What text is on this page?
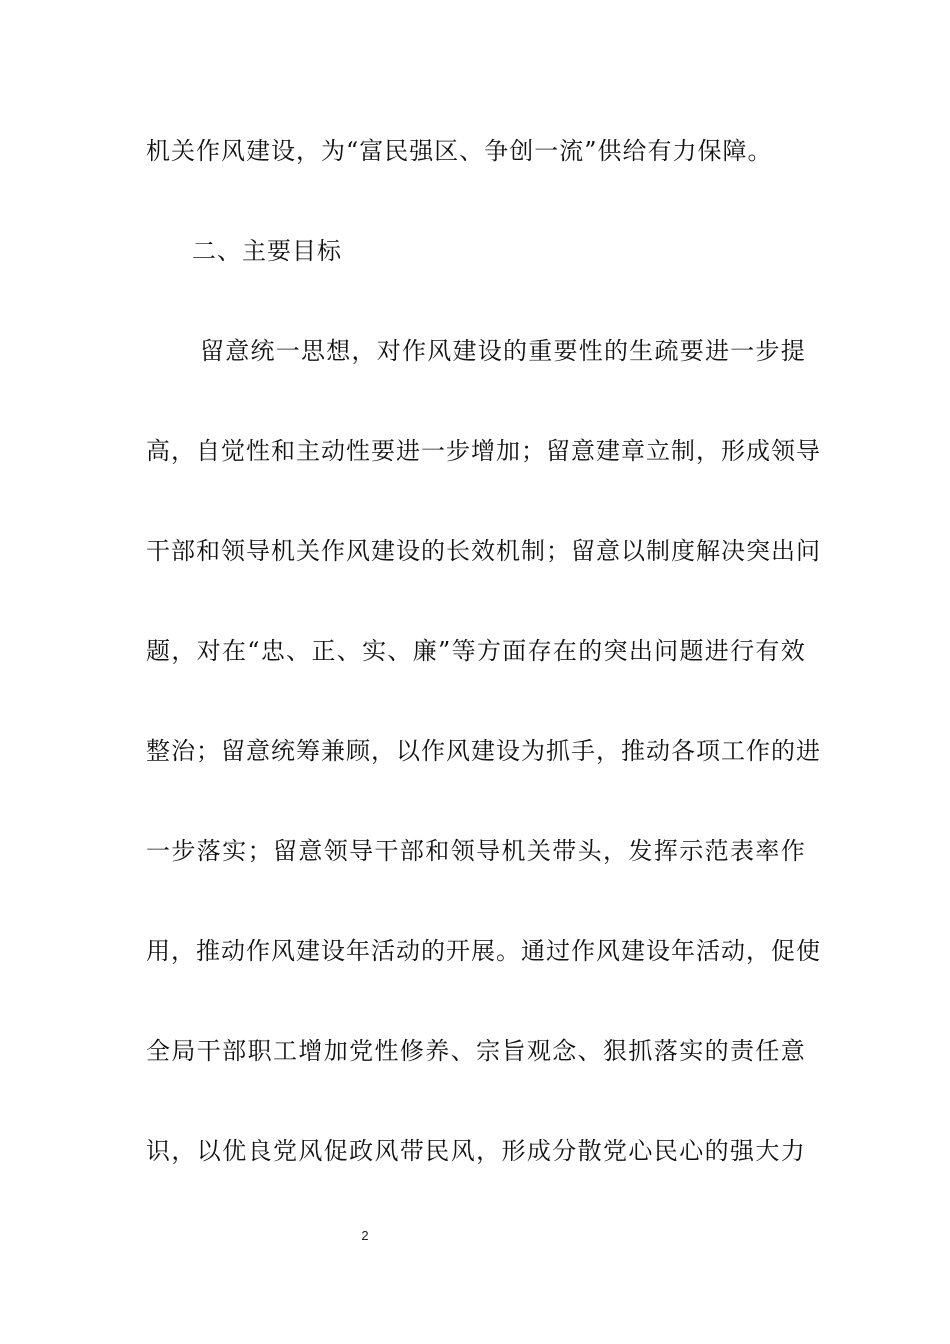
机关作风建设，为“富民强区、争创一流”供给有力保障。
二、主要目标
留 意 统 一 思 想 ， 对 作 风 建 设 的 重 要 性 的 生 疏 要 进 一 步 提
高 ， 自 觉 性 和 主 动 性 要 进 一 步 增 加 ； 留 意 建 章 立 制 ， 形 成 领 导
干 部 和 领 导 机 关 作 风 建 设 的 长 效 机 制 ； 留 意 以 制 度 解 决 突 出 问
题 ， 对 在 “ 忠 、 正 、 实 、 廉 ” 等 方 面 存 在 的 突 出 问 题 进 行 有 效
整 治 ； 留 意 统 筹 兼 顾 ， 以 作 风 建 设 为 抓 手 ， 推 动 各 项 工 作 的 进
一 步 落 实 ； 留 意 领 导 干 部 和 领 导 机 关 带 头 ， 发 挥 示 范 表 率 作
用 ， 推 动 作 风 建 设 年 活 动 的 开 展 。 通 过 作 风 建 设 年 活 动 ， 促 使
全 局 干 部 职 工 增 加 党 性 修 养 、 宗 旨 观 念 、 狠 抓 落 实 的 责 任 意
识 ， 以 优 良 党 风 促 政 风 带 民 风 ， 形 成 分 散 党 心 民 心 的 强 大 力
2
